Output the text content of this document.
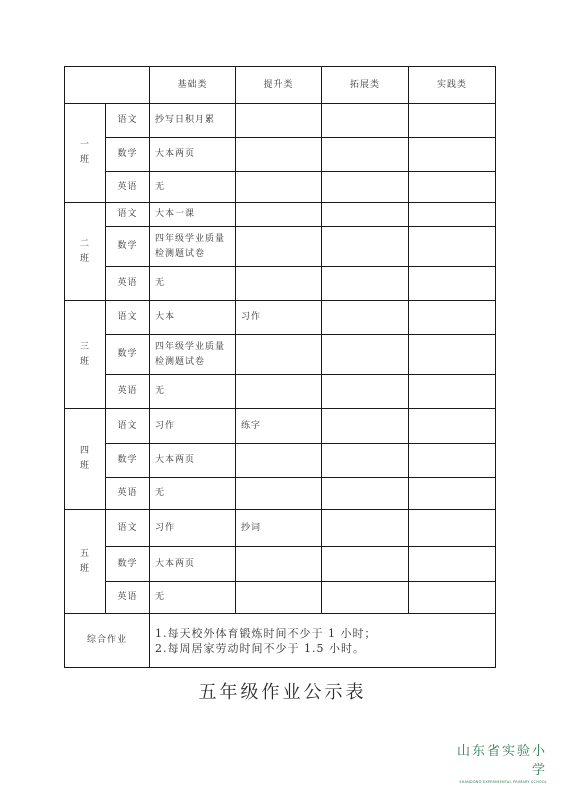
		基础类	提升类	拓展类	实践类
一
班	语文	抄写日积月累			
	数学	大本两页			
	英语	无			
二
班	语文	大本一课			
	数学	四年级学业质量
检测题试卷			
	英语	无			
三
班	语文	大本	习作		
	数学	四年级学业质量
检测题试卷			
	英语	无			
四
班	语文	习作	练字		
	数学	大本两页			
	英语	无			
五
班	语文	习作	抄词		
	数学	大本两页			
	英语	无			
综合作业		1.每天校外体育锻炼时间不少于 1 小时；
2.每周居家劳动时间不少于 1.5 小时。			
五年级作业公示表
山东省实验小学
SHANDONG EXPERIMENTAL PRIMARY SCHOOL
